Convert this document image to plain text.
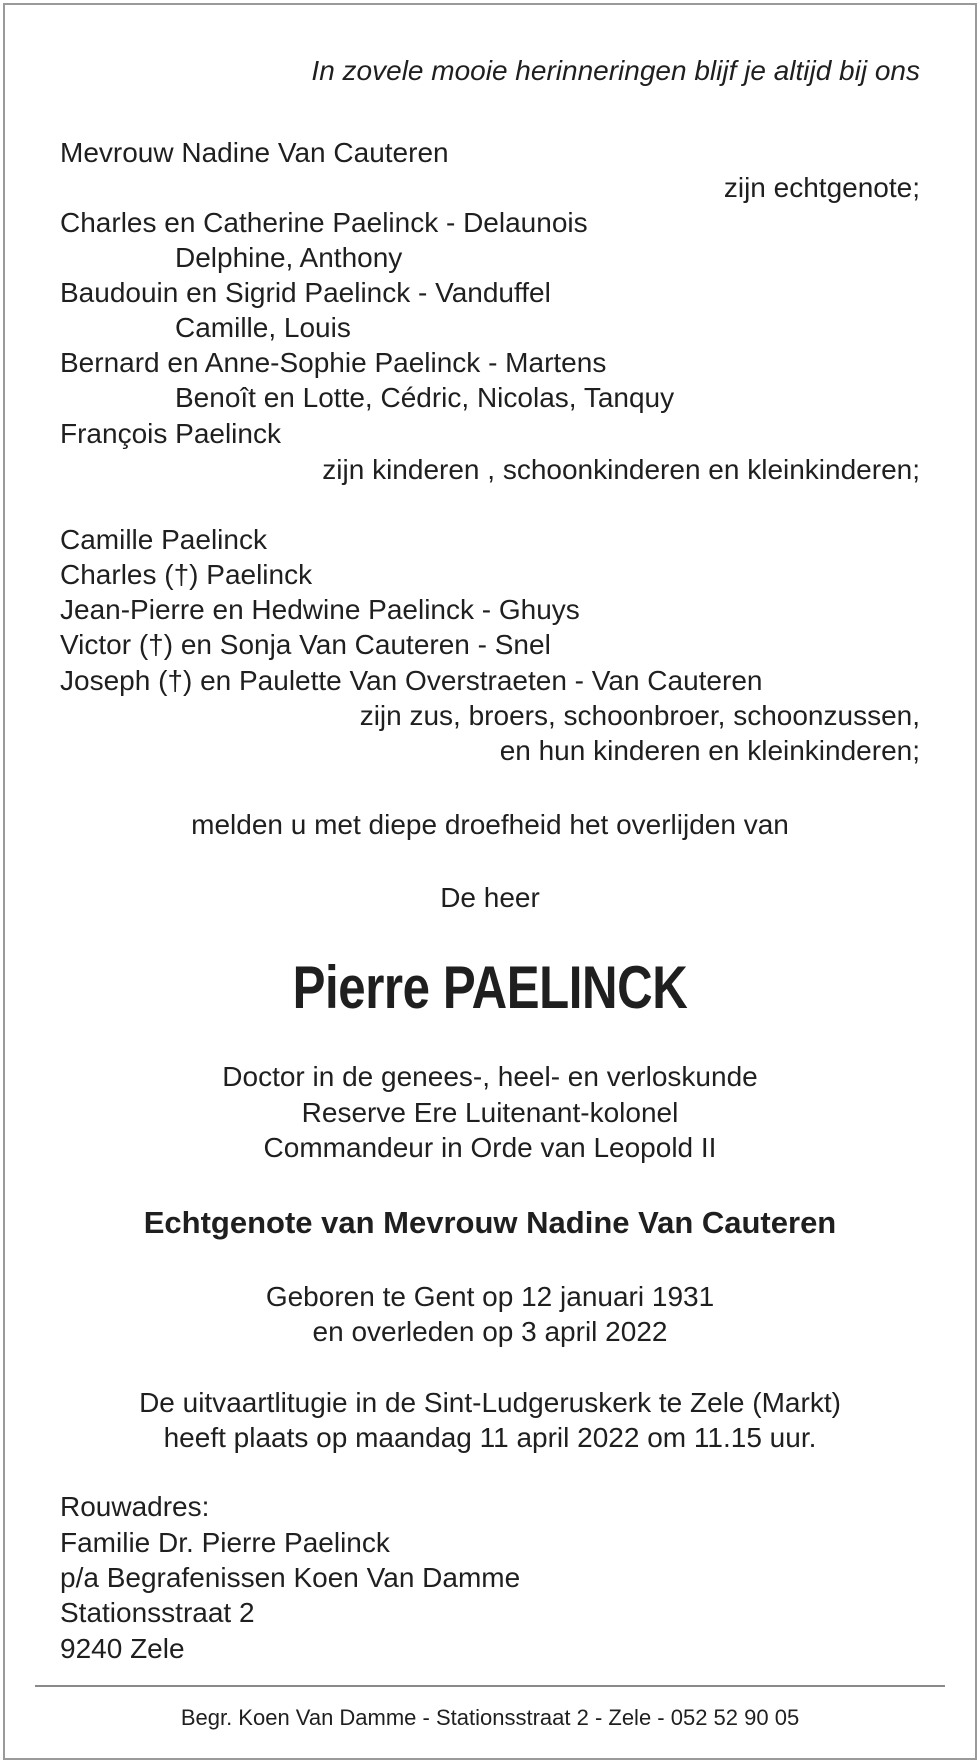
In zovele mooie herinneringen blijf je altijd bij ons
Mevrouw Nadine Van Cauteren
zijn echtgenote;
Charles en Catherine Paelinck - Delaunois
Delphine, Anthony
Baudouin en Sigrid Paelinck - Vanduffel
Camille, Louis
Bernard en Anne-Sophie Paelinck - Martens
Benoît en Lotte, Cédric, Nicolas, Tanquy
François Paelinck
zijn kinderen , schoonkinderen en kleinkinderen;
Camille Paelinck
Charles (†) Paelinck
Jean-Pierre en Hedwine Paelinck - Ghuys
Victor (†) en Sonja Van Cauteren - Snel
Joseph (†) en Paulette Van Overstraeten - Van Cauteren
zijn zus, broers, schoonbroer, schoonzussen,
en hun kinderen en kleinkinderen;
melden u met diepe droefheid het overlijden van
De heer
Pierre PAELINCK
Doctor in de genees-, heel- en verloskunde
Reserve Ere Luitenant-kolonel
Commandeur in Orde van Leopold II
Echtgenote van Mevrouw Nadine Van Cauteren
Geboren te Gent op 12 januari 1931
en overleden op 3 april 2022
De uitvaartlitugie in de Sint-Ludgeruskerk te Zele (Markt)
heeft plaats op maandag 11 april 2022 om 11.15 uur.
Rouwadres:
Familie Dr. Pierre Paelinck
p/a Begrafenissen Koen Van Damme
Stationsstraat 2
9240 Zele
Begr. Koen Van Damme - Stationsstraat 2 - Zele - 052 52 90 05
